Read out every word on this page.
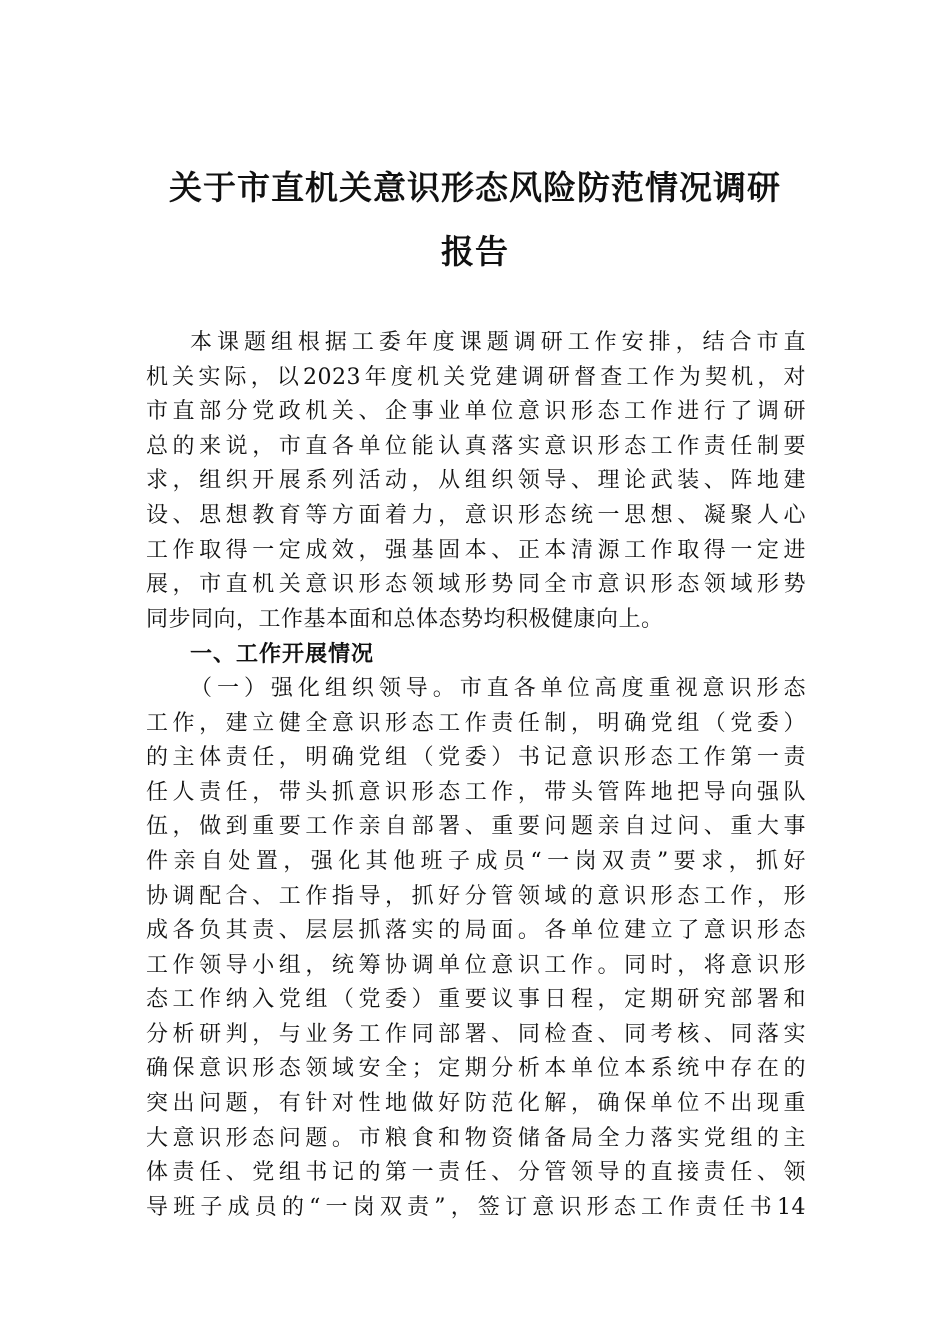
关于市直机关意识形态风险防范情况调研
报告
本课题组根据工委年度课题调研工作安排，结合市直
机关实际，以2023年度机关党建调研督查工作为契机，对
市直部分党政机关、企事业单位意识形态工作进行了调研
总的来说，市直各单位能认真落实意识形态工作责任制要
求，组织开展系列活动，从组织领导、理论武装、阵地建
设、思想教育等方面着力，意识形态统一思想、凝聚人心
工作取得一定成效，强基固本、正本清源工作取得一定进
展，市直机关意识形态领域形势同全市意识形态领域形势
同步同向，工作基本面和总体态势均积极健康向上。
一、工作开展情况
（一）强化组织领导。市直各单位高度重视意识形态
工作，建立健全意识形态工作责任制，明确党组（党委）
的主体责任，明确党组（党委）书记意识形态工作第一责
任人责任，带头抓意识形态工作，带头管阵地把导向强队
伍，做到重要工作亲自部署、重要问题亲自过问、重大事
件亲自处置，强化其他班子成员“一岗双责”要求，抓好
协调配合、工作指导，抓好分管领域的意识形态工作，形
成各负其责、层层抓落实的局面。各单位建立了意识形态
工作领导小组，统筹协调单位意识工作。同时，将意识形
态工作纳入党组（党委）重要议事日程，定期研究部署和
分析研判，与业务工作同部署、同检查、同考核、同落实
确保意识形态领域安全；定期分析本单位本系统中存在的
突出问题，有针对性地做好防范化解，确保单位不出现重
大意识形态问题。市粮食和物资储备局全力落实党组的主
体责任、党组书记的第一责任、分管领导的直接责任、领
导班子成员的“一岗双责”，签订意识形态工作责任书14
